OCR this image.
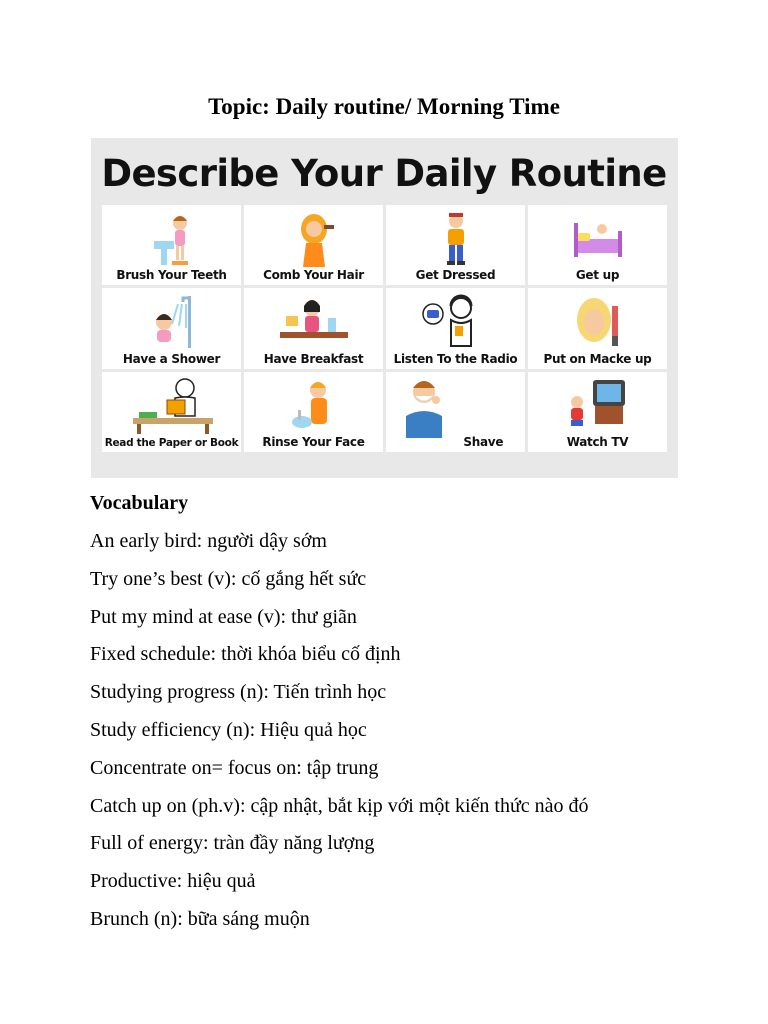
Topic: Daily routine/ Morning Time
Describe Your Daily Routine
Brush Your Teeth	Comb Your Hair	Get Dressed	Get up
Have a Shower	Have Breakfast	Listen To the Radio	Put on Macke up
Read the Paper or Book	Rinse Your Face	Shave	Watch TV
Vocabulary
An early bird: người dậy sớm
Try one’s best (v): cố gắng hết sức
Put my mind at ease (v): thư giãn
Fixed schedule: thời khóa biểu cố định
Studying progress (n): Tiến trình học
Study efficiency (n): Hiệu quả học
Concentrate on= focus on: tập trung
Catch up on (ph.v): cập nhật, bắt kịp với một kiến thức nào đó
Full of energy: tràn đầy năng lượng
Productive: hiệu quả
Brunch (n): bữa sáng muộn
